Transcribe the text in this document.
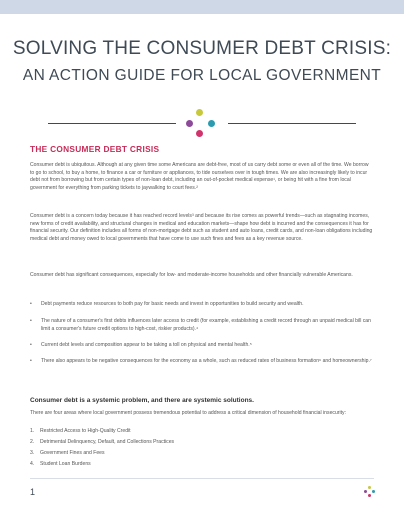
SOLVING THE CONSUMER DEBT CRISIS:
AN ACTION GUIDE FOR LOCAL GOVERNMENT
THE CONSUMER DEBT CRISIS
Consumer debt is ubiquitous. Although at any given time some Americans are debt-free, most of us carry debt some or even all of the time. We borrow to go to school, to buy a home, to finance a car or furniture or appliances, to tide ourselves over in tough times. We are also increasingly likely to incur debt not from borrowing but from certain types of non-loan debt, including an out-of-pocket medical expense¹, or being hit with a fine from local government for everything from parking tickets to jaywalking to court fees.²
Consumer debt is a concern today because it has reached record levels³ and because its rise comes as powerful trends—such as stagnating incomes, new forms of credit availability, and structural changes in medical and education markets—shape how debt is incurred and the consequences it has for financial security. Our definition includes all forms of non-mortgage debt such as student and auto loans, credit cards, and non-loan obligations including medical debt and money owed to local governments that have come to use such fines and fees as a key revenue source.
Consumer debt has significant consequences, especially for low- and moderate-income households and other financially vulnerable Americans.
• Debt payments reduce resources to both pay for basic needs and invest in opportunities to build security and wealth.
• The nature of a consumer's first debts influences later access to credit (for example, establishing a credit record through an unpaid medical bill can limit a consumer's future credit options to high-cost, riskier products).⁴
• Current debt levels and composition appear to be taking a toll on physical and mental health.⁵
• There also appears to be negative consequences for the economy as a whole, such as reduced rates of business formation⁶ and homeownership.⁷
Consumer debt is a systemic problem, and there are systemic solutions.
There are four areas where local government possess tremendous potential to address a critical dimension of household financial insecurity:
1. Restricted Access to High-Quality Credit
2. Detrimental Delinquency, Default, and Collections Practices
3. Government Fines and Fees
4. Student Loan Burdens
1
